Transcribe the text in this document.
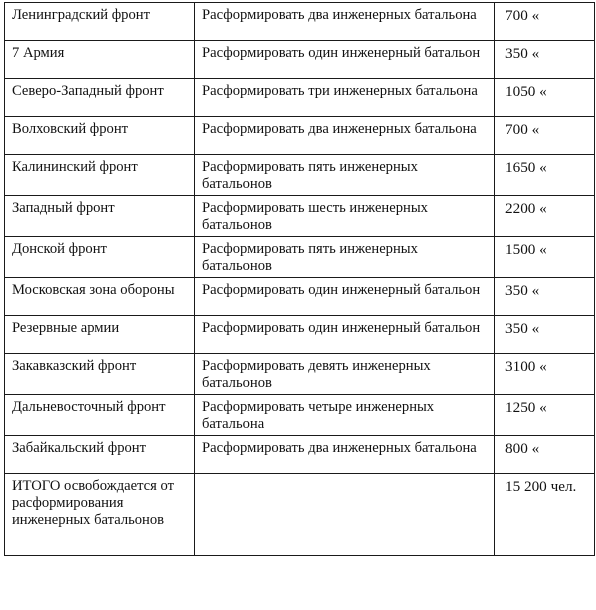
Ленинградский фронт	Расформировать два инженерных батальона	700 «
7 Армия	Расформировать один инженерный батальон	350 «
Северо-Западный фронт	Расформировать три инженерных батальона	1050 «
Волховский фронт	Расформировать два инженерных батальона	700 «
Калининский фронт	Расформировать пять инженерных батальонов	1650 «
Западный фронт	Расформировать шесть инженерных батальонов	2200 «
Донской фронт	Расформировать пять инженерных батальонов	1500 «
Московская зона обороны	Расформировать один инженерный батальон	350 «
Резервные армии	Расформировать один инженерный батальон	350 «
Закавказский фронт	Расформировать девять инженерных батальонов	3100 «
Дальневосточный фронт	Расформировать четыре инженерных батальона	1250 «
Забайкальский фронт	Расформировать два инженерных батальона	800 «
ИТОГО освобождается от расформирования инженерных батальонов		15 200 чел.
